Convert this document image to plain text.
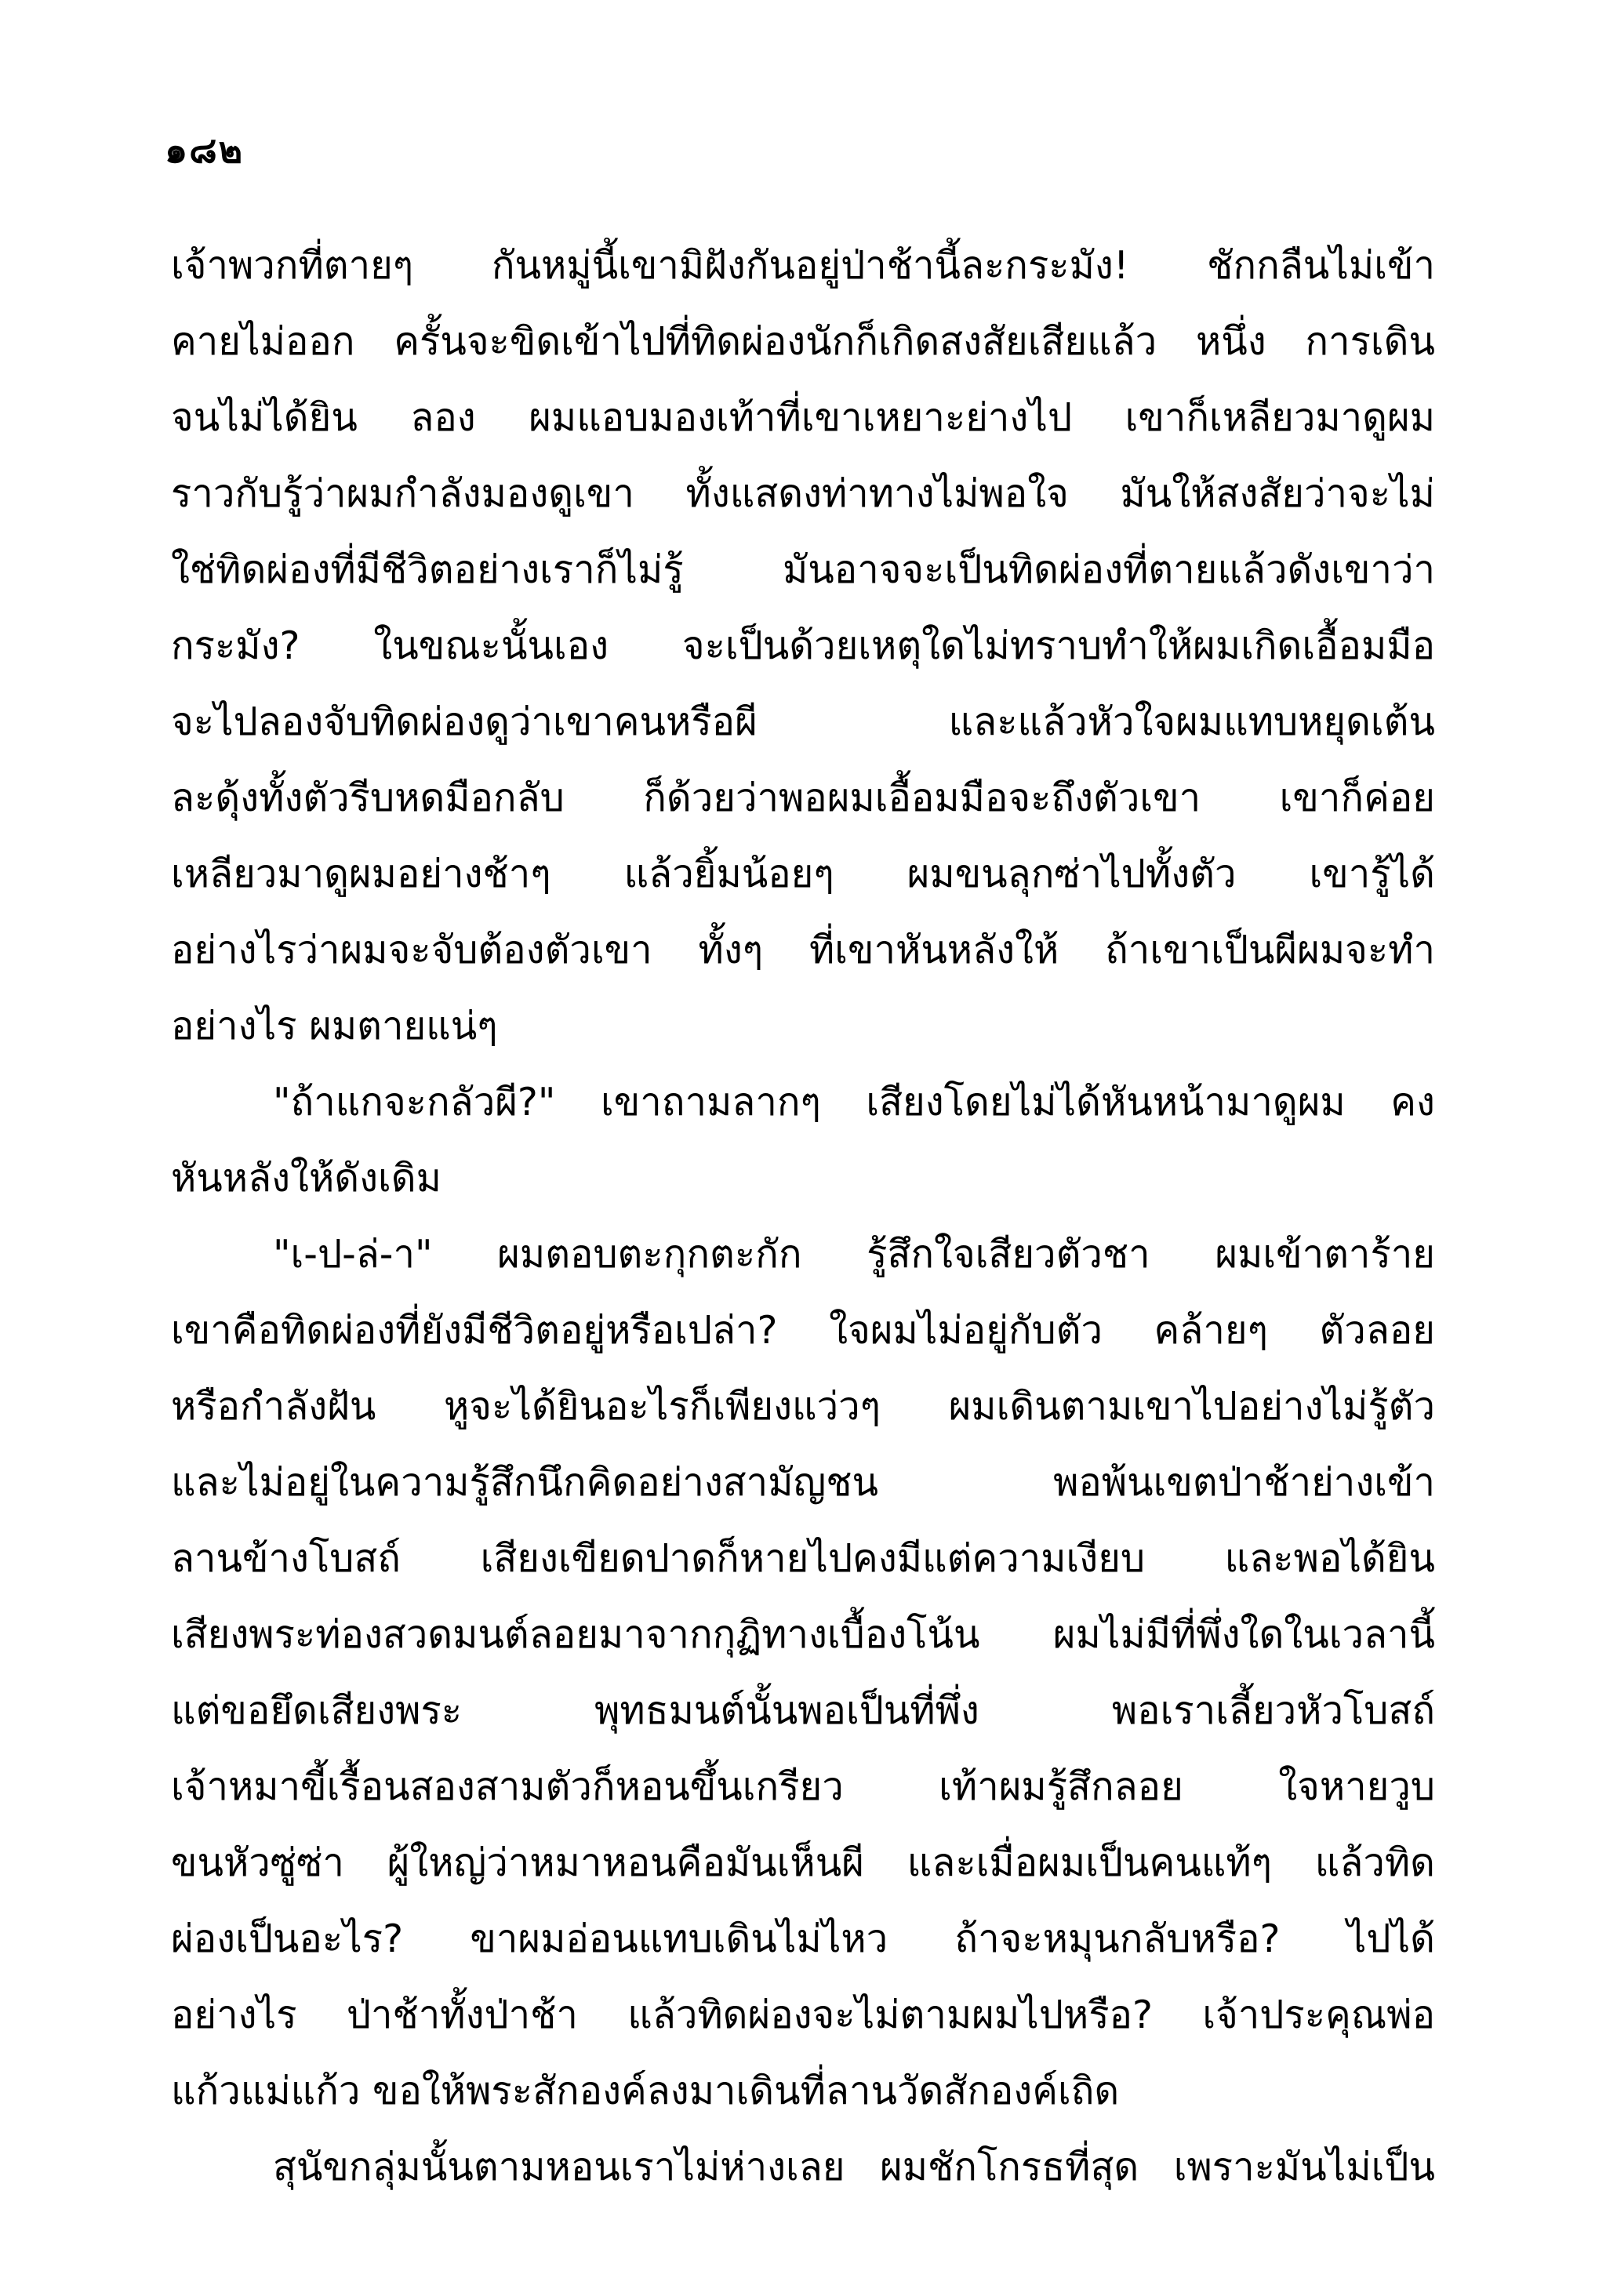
๑๘๒
เจ้าพวกที่ตายๆ กันหมู่นี้เขามิฝังกันอยู่ป่าช้านี้ละกระมัง! ชักกลืนไม่เข้า
คายไม่ออก ครั้นจะขิดเข้าไปที่ทิดผ่องนักก็เกิดสงสัยเสียแล้ว หนึ่ง การเดิน
จนไม่ได้ยิน ลอง ผมแอบมองเท้าที่เขาเหยาะย่างไป เขาก็เหลียวมาดูผม
ราวกับรู้ว่าผมกำลังมองดูเขา ทั้งแสดงท่าทางไม่พอใจ มันให้สงสัยว่าจะไม่
ใช่ทิดผ่องที่มีชีวิตอย่างเราก็ไม่รู้ มันอาจจะเป็นทิดผ่องที่ตายแล้วดังเขาว่า
กระมัง? ในขณะนั้นเอง จะเป็นด้วยเหตุใดไม่ทราบทำให้ผมเกิดเอื้อมมือ
จะไปลองจับทิดผ่องดูว่าเขาคนหรือผี และแล้วหัวใจผมแทบหยุดเต้น
ละดุ้งทั้งตัวรีบหดมือกลับ ก็ด้วยว่าพอผมเอื้อมมือจะถึงตัวเขา เขาก็ค่อย
เหลียวมาดูผมอย่างช้าๆ แล้วยิ้มน้อยๆ ผมขนลุกซ่าไปทั้งตัว เขารู้ได้
อย่างไรว่าผมจะจับต้องตัวเขา ทั้งๆ ที่เขาหันหลังให้ ถ้าเขาเป็นผีผมจะทำ
อย่างไร ผมตายแน่ๆ
"ถ้าแกจะกลัวผี?" เขาถามลากๆ เสียงโดยไม่ได้หันหน้ามาดูผม คง
หันหลังให้ดังเดิม
"เ-ป-ล่-า" ผมตอบตะกุกตะกัก รู้สึกใจเสียวตัวชา ผมเข้าตาร้าย
เขาคือทิดผ่องที่ยังมีชีวิตอยู่หรือเปล่า? ใจผมไม่อยู่กับตัว คล้ายๆ ตัวลอย
หรือกำลังฝัน หูจะได้ยินอะไรก็เพียงแว่วๆ ผมเดินตามเขาไปอย่างไม่รู้ตัว
และไม่อยู่ในความรู้สึกนึกคิดอย่างสามัญชน พอพ้นเขตป่าช้าย่างเข้า
ลานข้างโบสถ์ เสียงเขียดปาดก็หายไปคงมีแต่ความเงียบ และพอได้ยิน
เสียงพระท่องสวดมนต์ลอยมาจากกุฏิทางเบื้องโน้น ผมไม่มีที่พึ่งใดในเวลานี้
แต่ขอยึดเสียงพระ พุทธมนต์นั้นพอเป็นที่พึ่ง พอเราเลี้ยวหัวโบสถ์
เจ้าหมาขี้เรื้อนสองสามตัวก็หอนขึ้นเกรียว เท้าผมรู้สึกลอย ใจหายวูบ
ขนหัวซู่ซ่า ผู้ใหญ่ว่าหมาหอนคือมันเห็นผี และเมื่อผมเป็นคนแท้ๆ แล้วทิด
ผ่องเป็นอะไร? ขาผมอ่อนแทบเดินไม่ไหว ถ้าจะหมุนกลับหรือ? ไปได้
อย่างไร ป่าช้าทั้งป่าช้า แล้วทิดผ่องจะไม่ตามผมไปหรือ? เจ้าประคุณพ่อ
แก้วแม่แก้ว ขอให้พระสักองค์ลงมาเดินที่ลานวัดสักองค์เถิด
สุนัขกลุ่มนั้นตามหอนเราไม่ห่างเลย ผมชักโกรธที่สุด เพราะมันไม่เป็น
